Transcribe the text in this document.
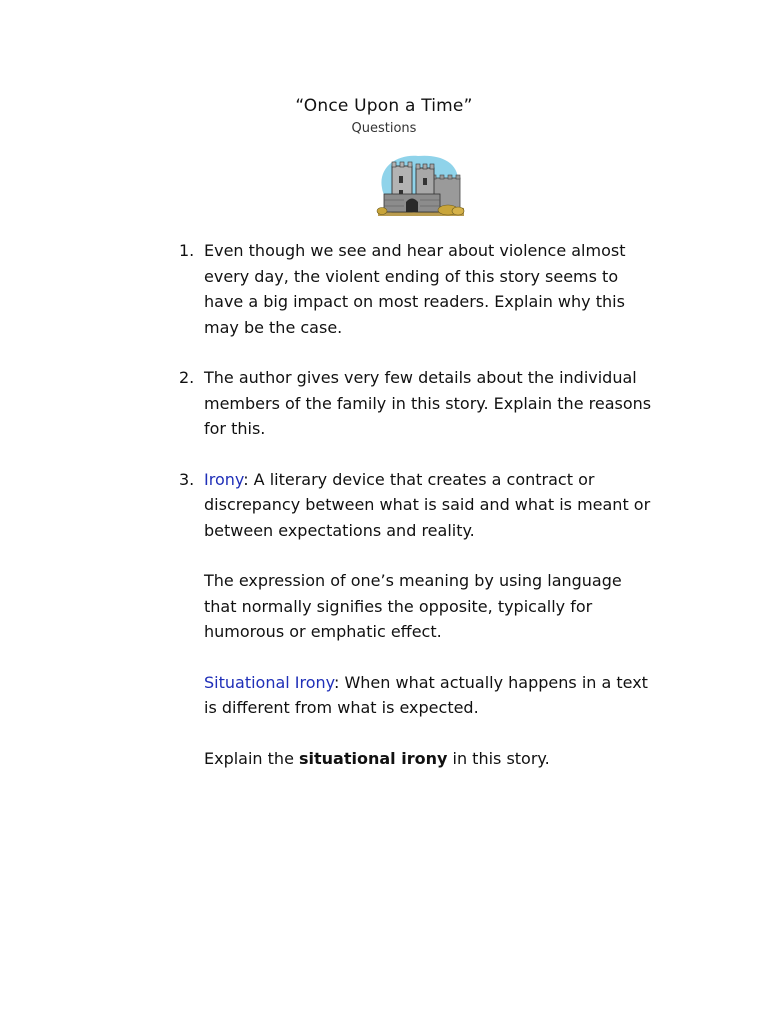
“Once Upon a Time”
Questions
1. Even though we see and hear about violence almost every day, the violent ending of this story seems to have a big impact on most readers. Explain why this may be the case.

2. The author gives very few details about the individual members of the family in this story. Explain the reasons for this.

3. Irony: A literary device that creates a contract or discrepancy between what is said and what is meant or between expectations and reality.

The expression of one’s meaning by using language that normally signifies the opposite, typically for humorous or emphatic effect.

Situational Irony: When what actually happens in a text is different from what is expected.

Explain the situational irony in this story.
